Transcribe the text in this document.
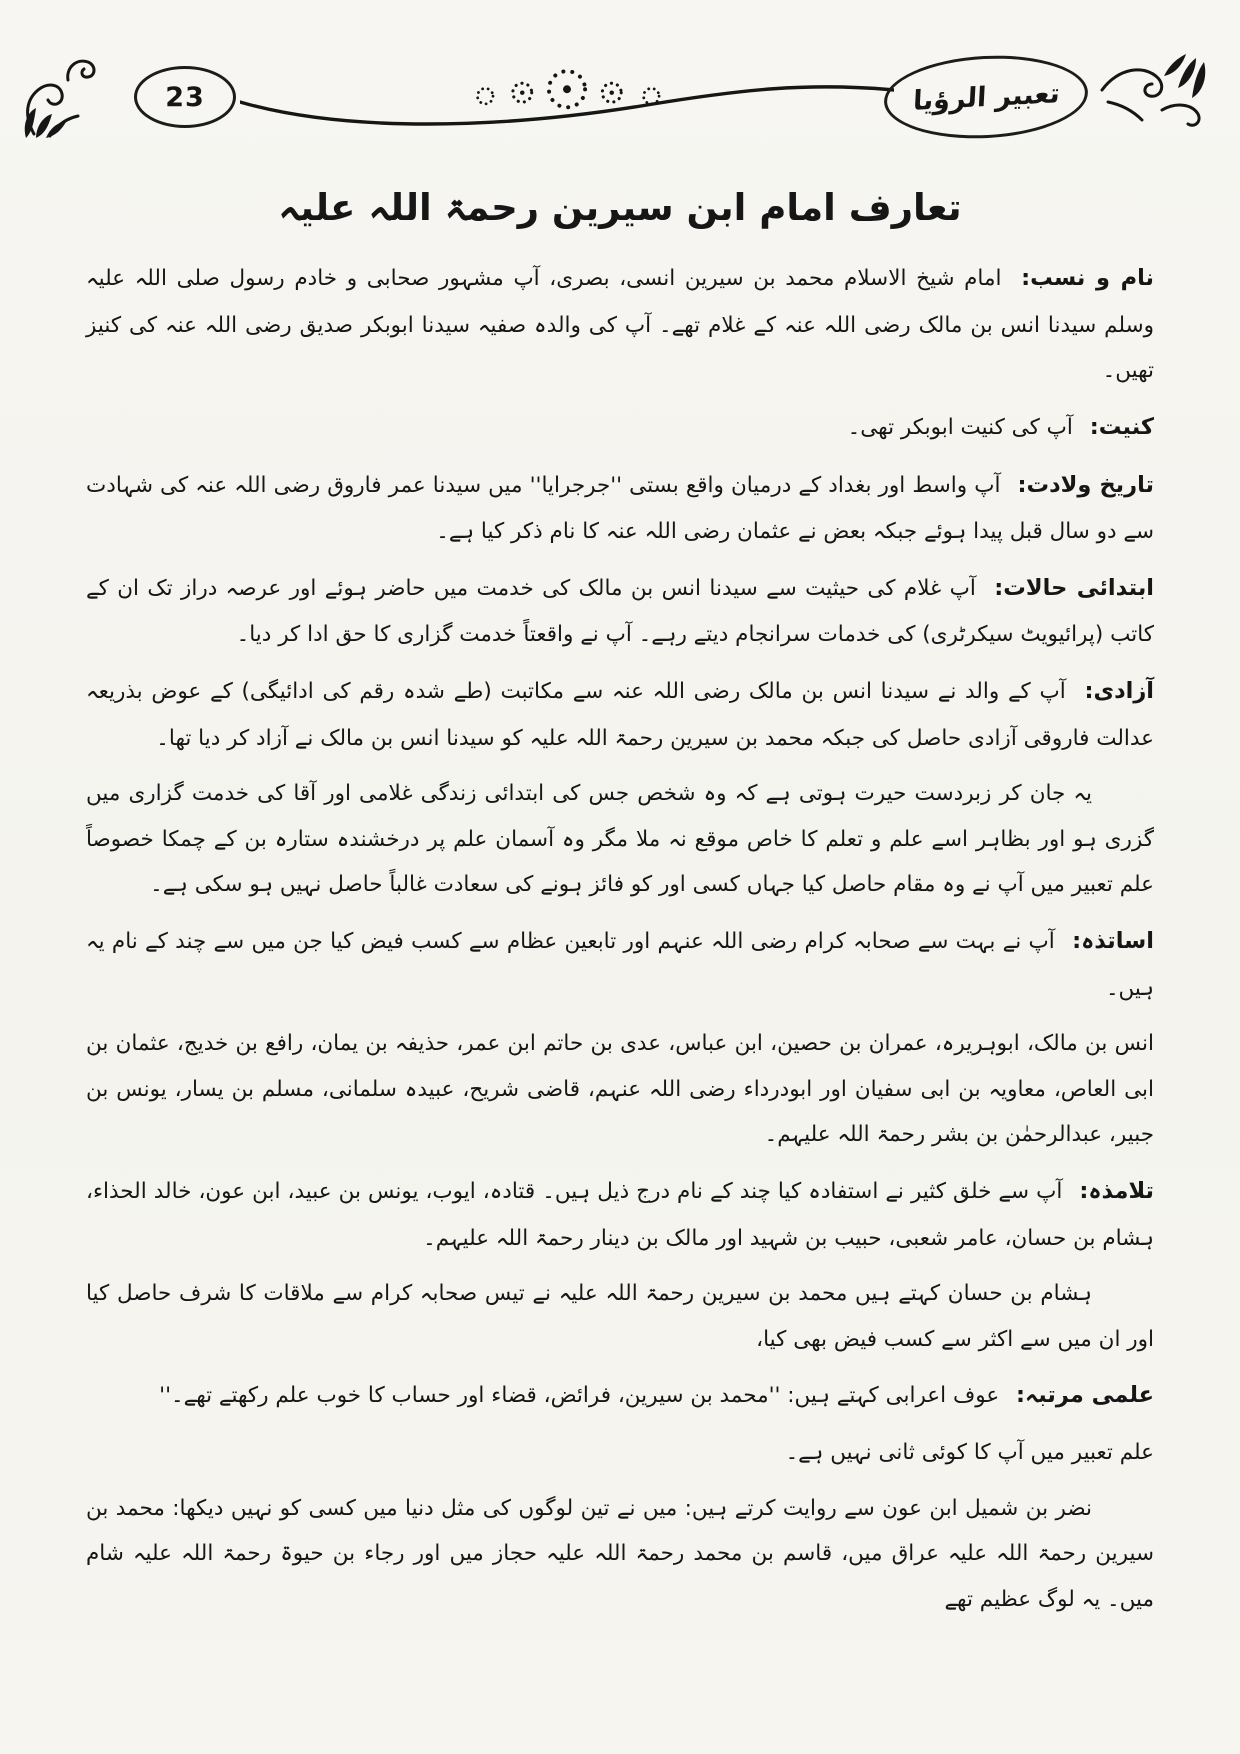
23	تعبیر الرؤیا
تعارف امام ابن سیرین رحمۃ اللہ علیہ

نام و نسب: امام شیخ الاسلام محمد بن سیرین انسی، بصری، آپ مشہور صحابی و خادم رسول صلی اللہ علیہ وسلم سیدنا انس بن مالک رضی اللہ عنہ کے غلام تھے۔ آپ کی والدہ صفیہ سیدنا ابوبکر صدیق رضی اللہ عنہ کی کنیز تھیں۔

کنیت: آپ کی کنیت ابوبکر تھی۔

تاریخ ولادت: آپ واسط اور بغداد کے درمیان واقع بستی ''جرجرایا'' میں سیدنا عمر فاروق رضی اللہ عنہ کی شہادت سے دو سال قبل پیدا ہوئے جبکہ بعض نے عثمان رضی اللہ عنہ کا نام ذکر کیا ہے۔

ابتدائی حالات: آپ غلام کی حیثیت سے سیدنا انس بن مالک کی خدمت میں حاضر ہوئے اور عرصہ دراز تک ان کے کاتب (پرائیویٹ سیکرٹری) کی خدمات سرانجام دیتے رہے۔ آپ نے واقعتاً خدمت گزاری کا حق ادا کر دیا۔

آزادی: آپ کے والد نے سیدنا انس بن مالک رضی اللہ عنہ سے مکاتبت (طے شدہ رقم کی ادائیگی) کے عوض بذریعہ عدالت فاروقی آزادی حاصل کی جبکہ محمد بن سیرین رحمۃ اللہ علیہ کو سیدنا انس بن مالک نے آزاد کر دیا تھا۔

یہ جان کر زبردست حیرت ہوتی ہے کہ وہ شخص جس کی ابتدائی زندگی غلامی اور آقا کی خدمت گزاری میں گزری ہو اور بظاہر اسے علم و تعلم کا خاص موقع نہ ملا مگر وہ آسمان علم پر درخشندہ ستارہ بن کے چمکا خصوصاً علم تعبیر میں آپ نے وہ مقام حاصل کیا جہاں کسی اور کو فائز ہونے کی سعادت غالباً حاصل نہیں ہو سکی ہے۔

اساتذہ: آپ نے بہت سے صحابہ کرام رضی اللہ عنہم اور تابعین عظام سے کسب فیض کیا جن میں سے چند کے نام یہ ہیں۔

انس بن مالک، ابوہریرہ، عمران بن حصین، ابن عباس، عدی بن حاتم ابن عمر، حذیفہ بن یمان، رافع بن خدیج، عثمان بن ابی العاص، معاویہ بن ابی سفیان اور ابودرداء رضی اللہ عنہم، قاضی شریح، عبیدہ سلمانی، مسلم بن یسار، یونس بن جبیر، عبدالرحمٰن بن بشر رحمۃ اللہ علیہم۔

تلامذہ: آپ سے خلق کثیر نے استفادہ کیا چند کے نام درج ذیل ہیں۔ قتادہ، ایوب، یونس بن عبید، ابن عون، خالد الحذاء، ہشام بن حسان، عامر شعبی، حبیب بن شہید اور مالک بن دینار رحمۃ اللہ علیہم۔

ہشام بن حسان کہتے ہیں محمد بن سیرین رحمۃ اللہ علیہ نے تیس صحابہ کرام سے ملاقات کا شرف حاصل کیا اور ان میں سے اکثر سے کسب فیض بھی کیا،

علمی مرتبہ: عوف اعرابی کہتے ہیں: ''محمد بن سیرین، فرائض، قضاء اور حساب کا خوب علم رکھتے تھے۔''

علم تعبیر میں آپ کا کوئی ثانی نہیں ہے۔

نضر بن شمیل ابن عون سے روایت کرتے ہیں: میں نے تین لوگوں کی مثل دنیا میں کسی کو نہیں دیکھا: محمد بن سیرین رحمۃ اللہ علیہ عراق میں، قاسم بن محمد رحمۃ اللہ علیہ حجاز میں اور رجاء بن حیوۃ رحمۃ اللہ علیہ شام میں۔ یہ لوگ عظیم تھے
